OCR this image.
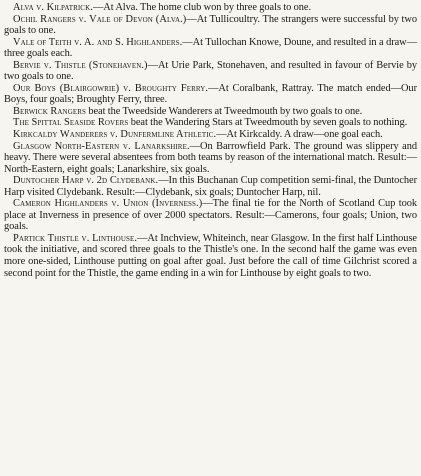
Alva v. Kilpatrick.—At Alva. The home club won by three goals to one.

Ochil Rangers v. Vale of Devon (Alva.)—At Tullicoultry. The strangers were successful by two goals to one.

Vale of Teith v. A. and S. Highlanders.—At Tullochan Knowe, Doune, and resulted in a draw—three goals each.

Bervie v. Thistle (Stonehaven.)—At Urie Park, Stonehaven, and resulted in favour of Bervie by two goals to one.

Our Boys (Blairgowrie) v. Broughty Ferry.—At Coralbank, Rattray. The match ended—Our Boys, four goals; Broughty Ferry, three.

Berwick Rangers beat the Tweedside Wanderers at Tweedmouth by two goals to one.

The Spittal Seaside Rovers beat the Wandering Stars at Tweedmouth by seven goals to nothing.

Kirkcaldy Wanderers v. Dunfermline Athletic.—At Kirkcaldy. A draw—one goal each.

Glasgow North-Eastern v. Lanarkshire.—On Barrowfield Park. The ground was slippery and heavy. There were several absentees from both teams by reason of the international match. Result:—North-Eastern, eight goals; Lanarkshire, six goals.

Duntocher Harp v. 2d Clydebank.—In this Buchanan Cup competition semi-final, the Duntocher Harp visited Clydebank. Result:—Clydebank, six goals; Duntocher Harp, nil.

Cameron Highlanders v. Union (Inverness.)—The final tie for the North of Scotland Cup took place at Inverness in presence of over 2000 spectators. Result:—Camerons, four goals; Union, two goals.

Partick Thistle v. Linthouse.—At Inchview, Whiteinch, near Glasgow. In the first half Linthouse took the initiative, and scored three goals to the Thistle's one. In the second half the game was even more one-sided, Linthouse putting on goal after goal. Just before the call of time Gilchrist scored a second point for the Thistle, the game ending in a win for Linthouse by eight goals to two.
